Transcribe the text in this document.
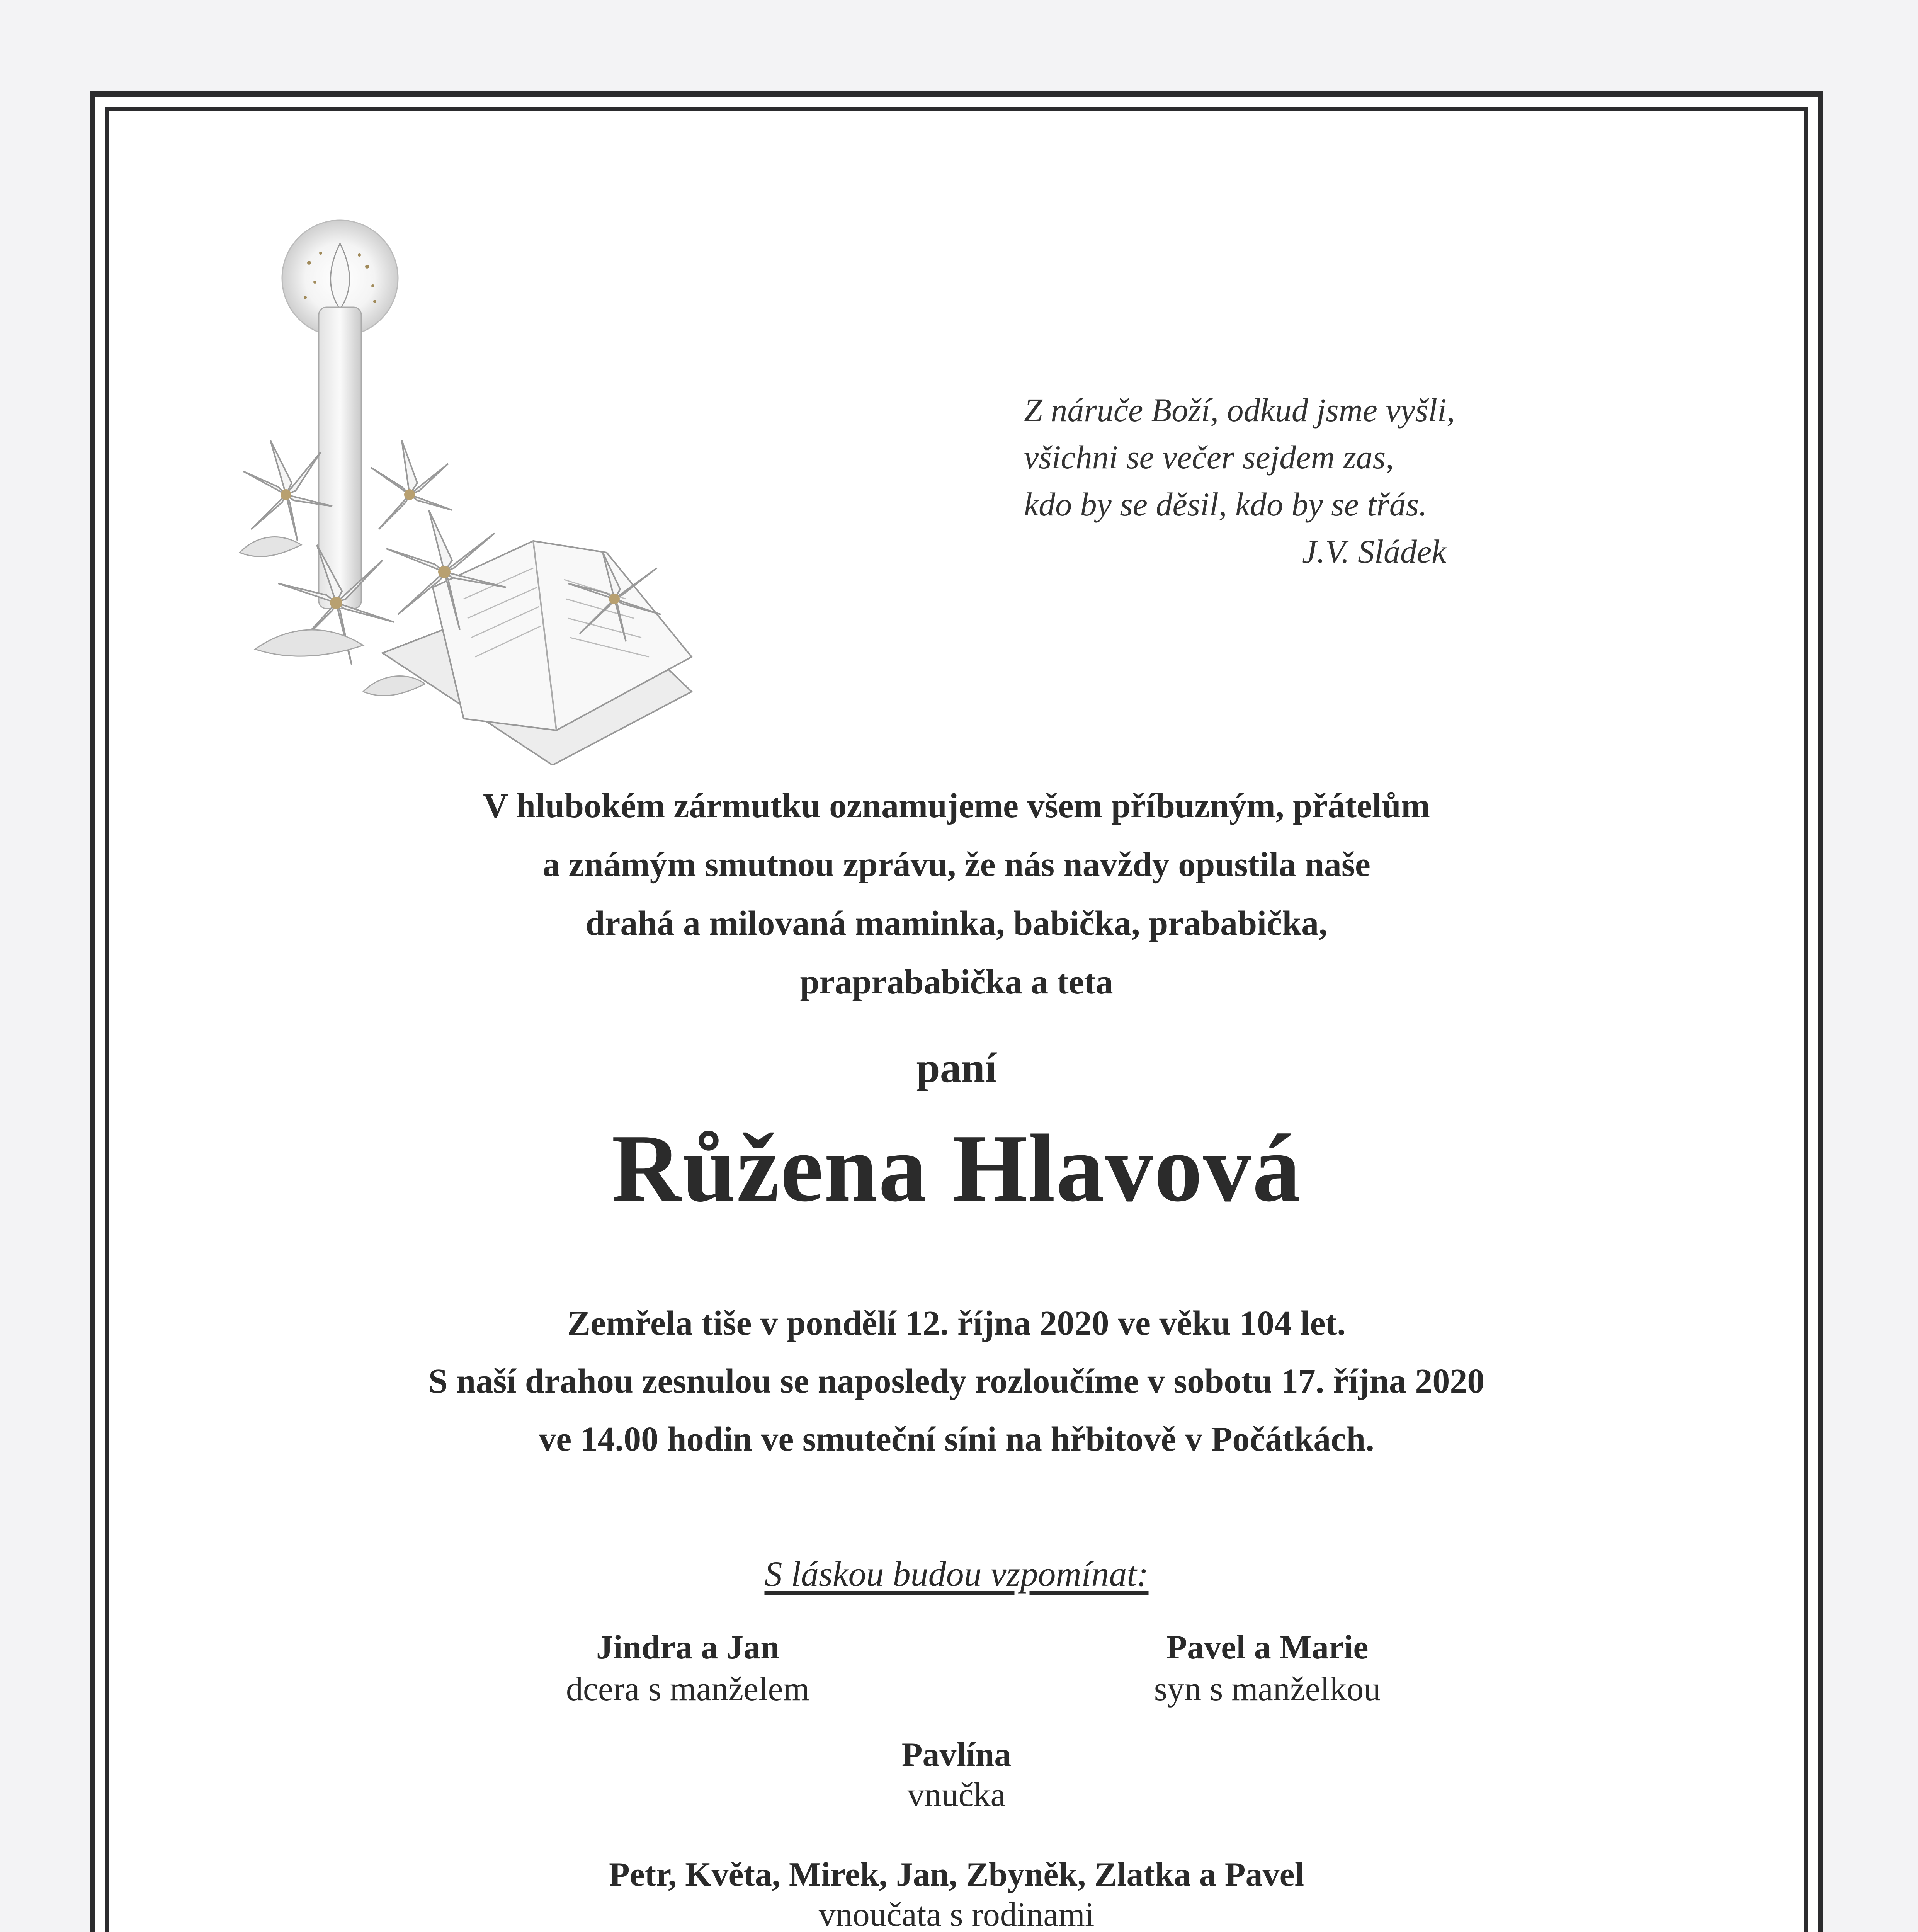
Z náruče Boží, odkud jsme vyšli,
všichni se večer sejdem zas,
kdo by se děsil, kdo by se třás.
J.V. Sládek
V hlubokém zármutku oznamujeme všem příbuzným, přátelům
a známým smutnou zprávu, že nás navždy opustila naše
drahá a milovaná maminka, babička, prababička,
praprababička a teta
paní
Růžena Hlavová
Zemřela tiše v pondělí 12. října 2020 ve věku 104 let.
S naší drahou zesnulou se naposledy rozloučíme v sobotu 17. října 2020
ve 14.00 hodin ve smuteční síni na hřbitově v Počátkách.
S láskou budou vzpomínat:
Jindra a Jan
dcera s manželem
Pavel a Marie
syn s manželkou
Pavlína
vnučka
Petr, Květa, Mirek, Jan, Zbyněk, Zlatka a Pavel
vnoučata s rodinami
